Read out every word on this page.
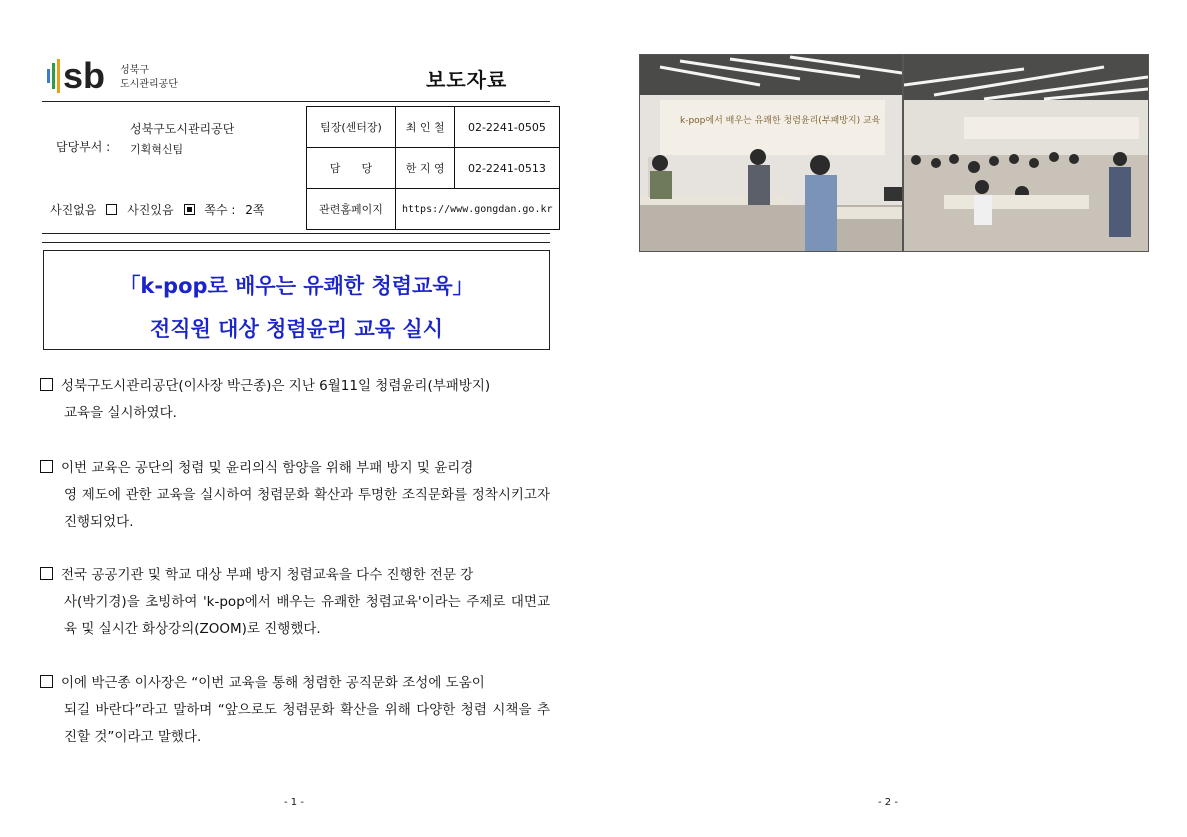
sb 성북구
도시관리공단	보도자료
성북구도시관리공단
담당부서 : 기획혁신팀
사진없음	사진있음	쪽수 : 2쪽
팀장(센터장)	최 인 철	02-2241-0505
담      당	한 지 영	02-2241-0513
관련홈페이지	https://www.gongdan.go.kr	
「k-pop로 배우는 유쾌한 청렴교육」
전직원 대상 청렴윤리 교육 실시
성북구도시관리공단(이사장 박근종)은 지난 6월11일 청렴윤리(부패방지)
교육을 실시하였다.
이번 교육은 공단의 청렴 및 윤리의식 함양을 위해 부패 방지 및 윤리경
영 제도에 관한 교육을 실시하여 청렴문화 확산과 투명한 조직문화를 정착시키고자 진행되었다.
전국 공공기관 및 학교 대상 부패 방지 청렴교육을 다수 진행한 전문 강
사(박기경)을 초빙하여 'k-pop에서 배우는 유쾌한 청렴교육'이라는 주제로 대면교육 및 실시간 화상강의(ZOOM)로 진행했다.
이에 박근종 이사장은 “이번 교육을 통해 청렴한 공직문화 조성에 도움이
되길 바란다”라고 말하며 “앞으로도 청렴문화 확산을 위해 다양한 청렴 시책을 추진할 것”이라고 말했다.
- 1 -	- 2 -
k-pop에서 배우는 유쾌한 청렴윤리(부패방지) 교육
